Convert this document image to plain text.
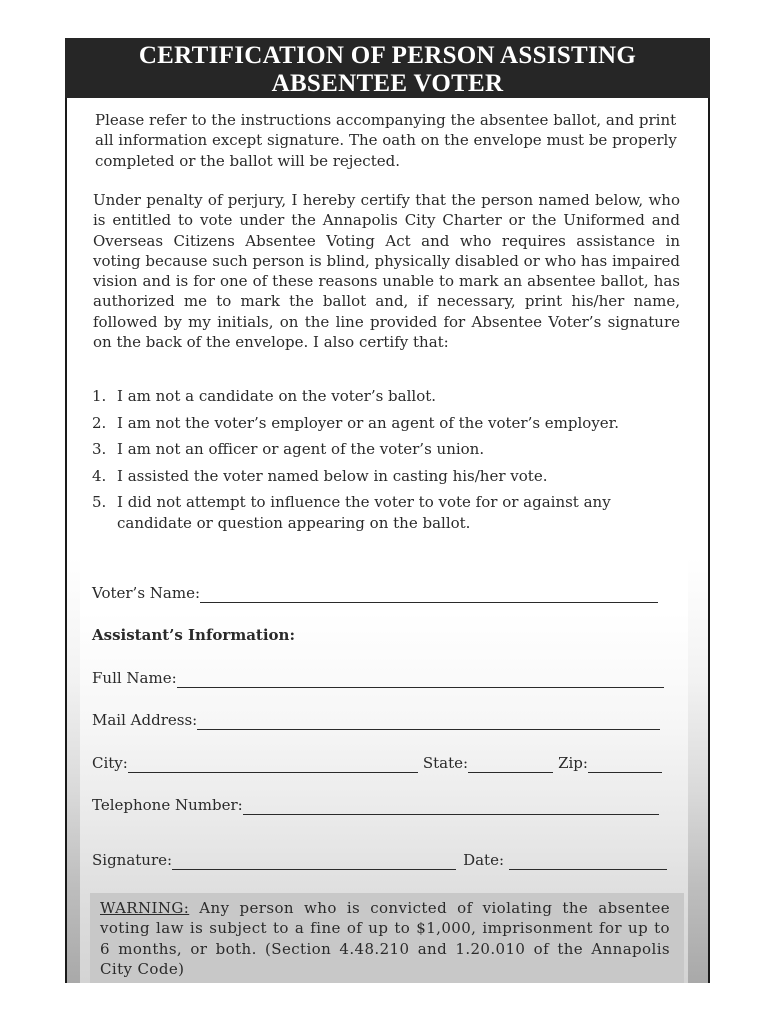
CERTIFICATION OF PERSON ASSISTING
ABSENTEE VOTER

Please refer to the instructions accompanying the absentee ballot, and print all information except signature. The oath on the envelope must be properly completed or the ballot will be rejected.

Under penalty of perjury, I hereby certify that the person named below, who is entitled to vote under the Annapolis City Charter or the Uniformed and Overseas Citizens Absentee Voting Act and who requires assistance in voting because such person is blind, physically disabled or who has impaired vision and is for one of these reasons unable to mark an absentee ballot, has authorized me to mark the ballot and, if necessary, print his/her name, followed by my initials, on the line provided for Absentee Voter’s signature on the back of the envelope. I also certify that:

1. I am not a candidate on the voter’s ballot.
2. I am not the voter’s employer or an agent of the voter’s employer.
3. I am not an officer or agent of the voter’s union.
4. I assisted the voter named below in casting his/her vote.
5. I did not attempt to influence the voter to vote for or against any candidate or question appearing on the ballot.
Voter’s Name:

Assistant’s Information:

Full Name:
Mail Address:
City:	State:	Zip:
Telephone Number:
Signature:	Date:

WARNING: Any person who is convicted of violating the absentee voting law is subject to a fine of up to $1,000, imprisonment for up to 6 months, or both. (Section 4.48.210 and 1.20.010 of the Annapolis City Code)
